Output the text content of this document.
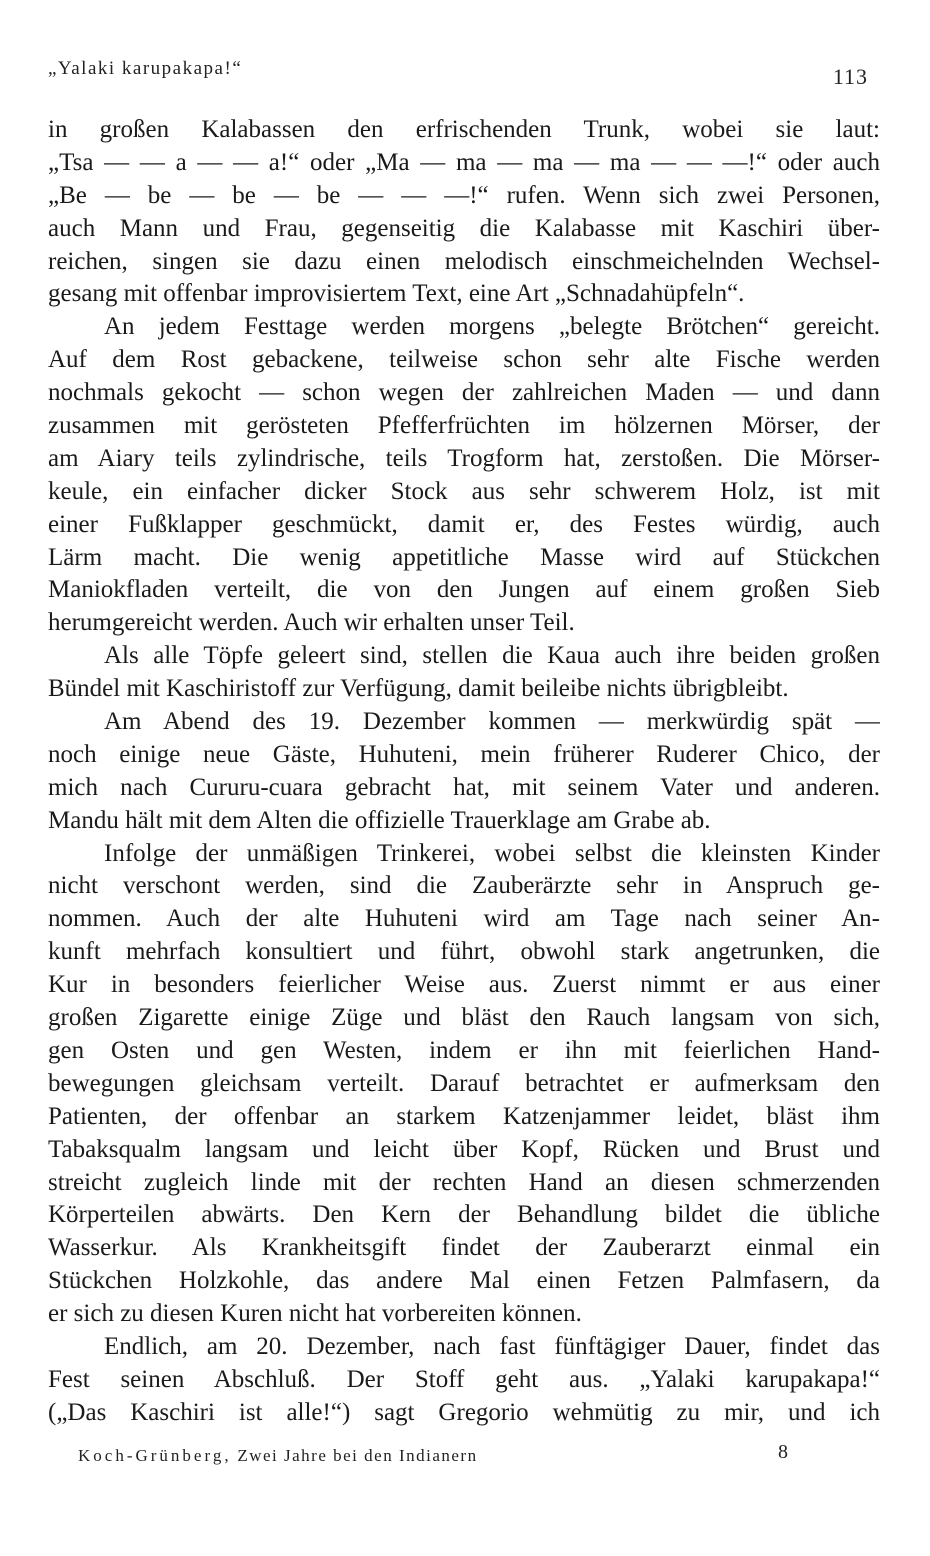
„Yalaki karupakapa!“	113
in großen Kalabassen den erfrischenden Trunk, wobei sie laut:
„Tsa — — a — — a!“ oder „Ma — ma — ma — ma — — —!“ oder auch
„Be — be — be — be — — —!“ rufen. Wenn sich zwei Personen,
auch Mann und Frau, gegenseitig die Kalabasse mit Kaschiri über-
reichen, singen sie dazu einen melodisch einschmeichelnden Wechsel-
gesang mit offenbar improvisiertem Text, eine Art „Schnadahüpfeln“.
An jedem Festtage werden morgens „belegte Brötchen“ gereicht.
Auf dem Rost gebackene, teilweise schon sehr alte Fische werden
nochmals gekocht — schon wegen der zahlreichen Maden — und dann
zusammen mit gerösteten Pfefferfrüchten im hölzernen Mörser, der
am Aiary teils zylindrische, teils Trogform hat, zerstoßen. Die Mörser-
keule, ein einfacher dicker Stock aus sehr schwerem Holz, ist mit
einer Fußklapper geschmückt, damit er, des Festes würdig, auch
Lärm macht. Die wenig appetitliche Masse wird auf Stückchen
Maniokfladen verteilt, die von den Jungen auf einem großen Sieb
herumgereicht werden. Auch wir erhalten unser Teil.
Als alle Töpfe geleert sind, stellen die Kaua auch ihre beiden großen
Bündel mit Kaschiristoff zur Verfügung, damit beileibe nichts übrigbleibt.
Am Abend des 19. Dezember kommen — merkwürdig spät —
noch einige neue Gäste, Huhuteni, mein früherer Ruderer Chico, der
mich nach Cururu-cuara gebracht hat, mit seinem Vater und anderen.
Mandu hält mit dem Alten die offizielle Trauerklage am Grabe ab.
Infolge der unmäßigen Trinkerei, wobei selbst die kleinsten Kinder
nicht verschont werden, sind die Zauberärzte sehr in Anspruch ge-
nommen. Auch der alte Huhuteni wird am Tage nach seiner An-
kunft mehrfach konsultiert und führt, obwohl stark angetrunken, die
Kur in besonders feierlicher Weise aus. Zuerst nimmt er aus einer
großen Zigarette einige Züge und bläst den Rauch langsam von sich,
gen Osten und gen Westen, indem er ihn mit feierlichen Hand-
bewegungen gleichsam verteilt. Darauf betrachtet er aufmerksam den
Patienten, der offenbar an starkem Katzenjammer leidet, bläst ihm
Tabaksqualm langsam und leicht über Kopf, Rücken und Brust und
streicht zugleich linde mit der rechten Hand an diesen schmerzenden
Körperteilen abwärts. Den Kern der Behandlung bildet die übliche
Wasserkur. Als Krankheitsgift findet der Zauberarzt einmal ein
Stückchen Holzkohle, das andere Mal einen Fetzen Palmfasern, da
er sich zu diesen Kuren nicht hat vorbereiten können.
Endlich, am 20. Dezember, nach fast fünftägiger Dauer, findet das
Fest seinen Abschluß. Der Stoff geht aus. „Yalaki karupakapa!“
(„Das Kaschiri ist alle!“) sagt Gregorio wehmütig zu mir, und ich
Koch-Grünberg, Zwei Jahre bei den Indianern	8
